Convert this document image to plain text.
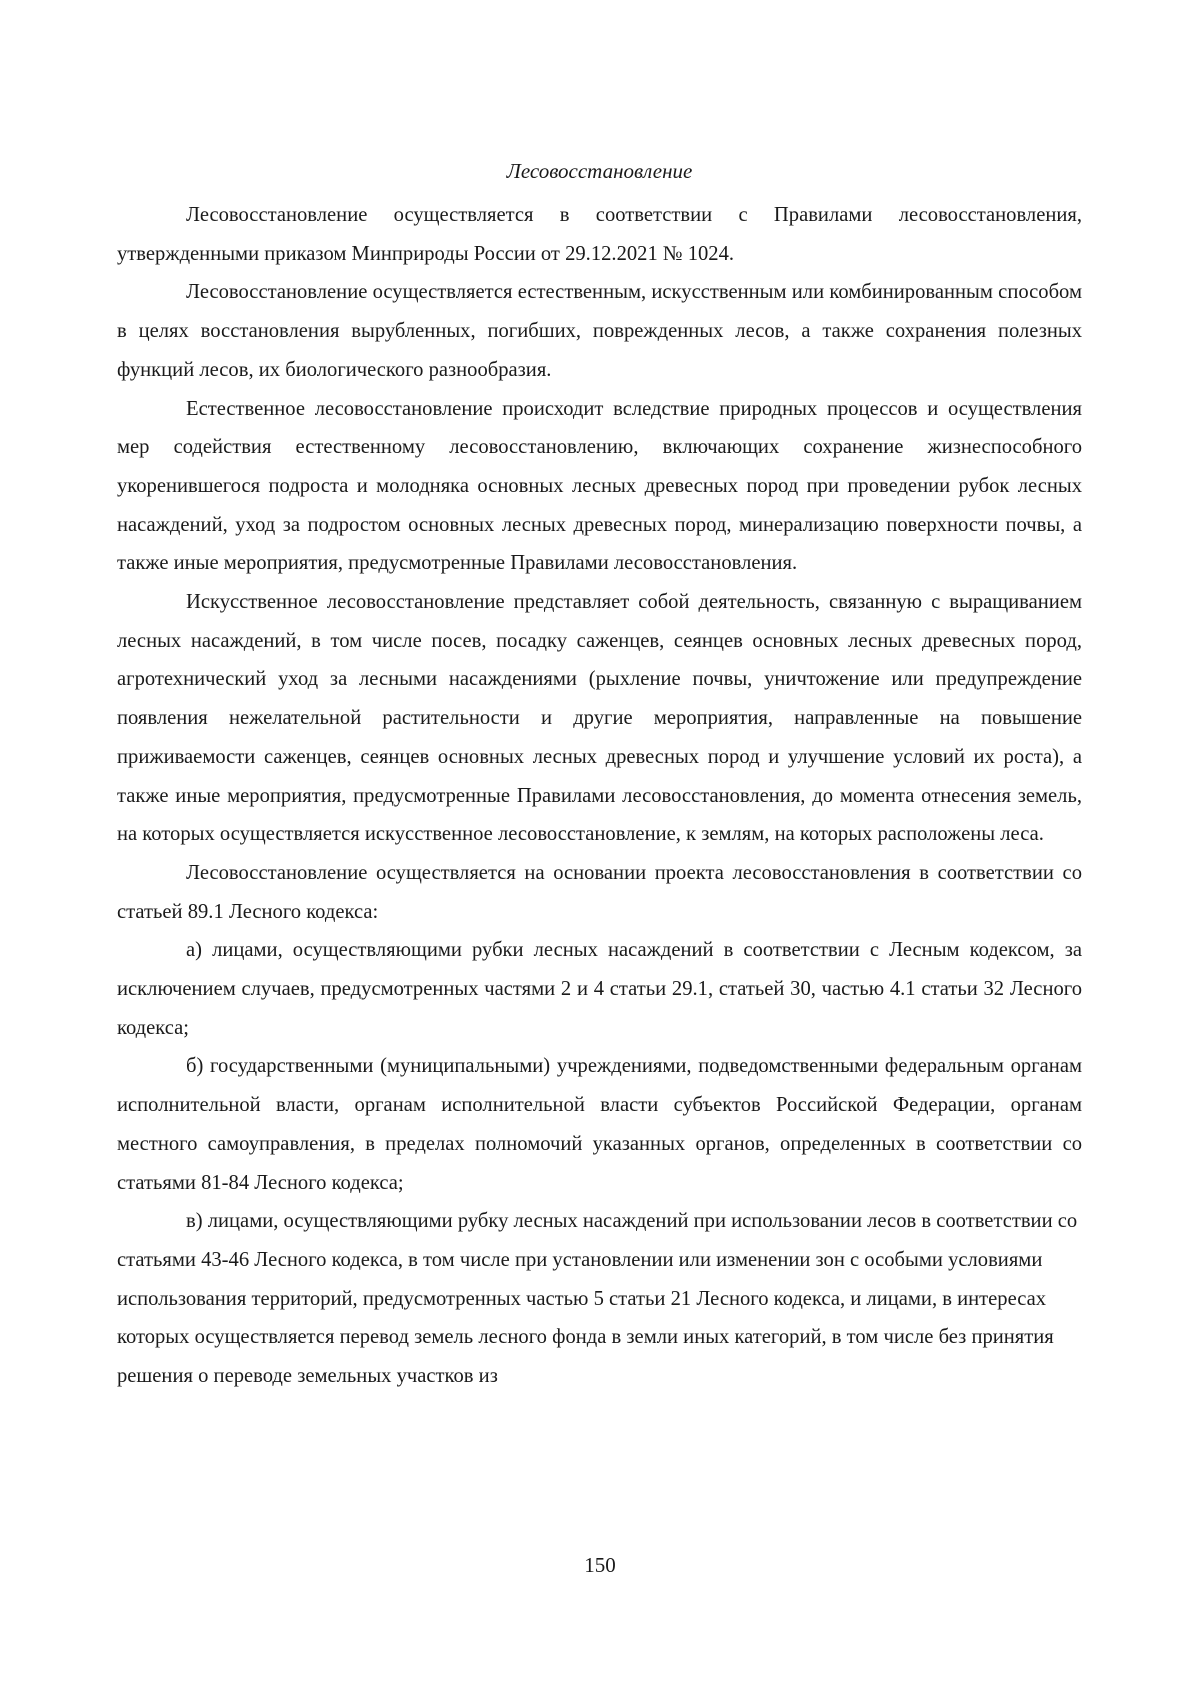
Лесовосстановление

Лесовосстановление осуществляется в соответствии с Правилами лесовосстановления, утвержденными приказом Минприроды России от 29.12.2021 № 1024.

Лесовосстановление осуществляется естественным, искусственным или комбинированным способом в целях восстановления вырубленных, погибших, поврежденных лесов, а также сохранения полезных функций лесов, их биологического разнообразия.

Естественное лесовосстановление происходит вследствие природных процессов и осуществления мер содействия естественному лесовосстановлению, включающих сохранение жизнеспособного укоренившегося подроста и молодняка основных лесных древесных пород при проведении рубок лесных насаждений, уход за подростом основных лесных древесных пород, минерализацию поверхности почвы, а также иные мероприятия, предусмотренные Правилами лесовосстановления.

Искусственное лесовосстановление представляет собой деятельность, связанную с выращиванием лесных насаждений, в том числе посев, посадку саженцев, сеянцев основных лесных древесных пород, агротехнический уход за лесными насаждениями (рыхление почвы, уничтожение или предупреждение появления нежелательной растительности и другие мероприятия, направленные на повышение приживаемости саженцев, сеянцев основных лесных древесных пород и улучшение условий их роста), а также иные мероприятия, предусмотренные Правилами лесовосстановления, до момента отнесения земель, на которых осуществляется искусственное лесовосстановление, к землям, на которых расположены леса.

Лесовосстановление осуществляется на основании проекта лесовосстановления в соответствии со статьей 89.1 Лесного кодекса:

а) лицами, осуществляющими рубки лесных насаждений в соответствии с Лесным кодексом, за исключением случаев, предусмотренных частями 2 и 4 статьи 29.1, статьей 30, частью 4.1 статьи 32 Лесного кодекса;

б) государственными (муниципальными) учреждениями, подведомственными федеральным органам исполнительной власти, органам исполнительной власти субъектов Российской Федерации, органам местного самоуправления, в пределах полномочий указанных органов, определенных в соответствии со статьями 81-84 Лесного кодекса;

в) лицами, осуществляющими рубку лесных насаждений при использовании лесов в соответствии со статьями 43-46 Лесного кодекса, в том числе при установлении или изменении зон с особыми условиями использования территорий, предусмотренных частью 5 статьи 21 Лесного кодекса, и лицами, в интересах которых осуществляется перевод земель лесного фонда в земли иных категорий, в том числе без принятия решения о переводе земельных участков из

150
